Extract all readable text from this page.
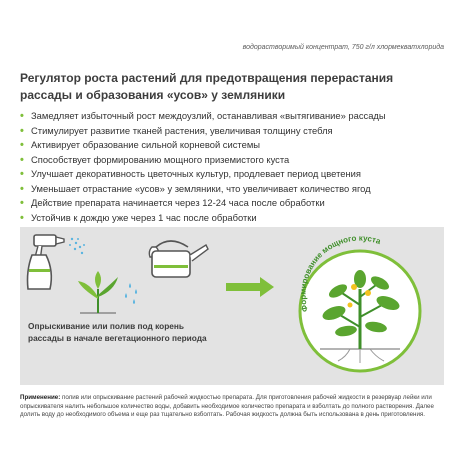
водорастворимый концентрат, 750 г/л хлормекватхлорида
Регулятор роста растений для предотвращения перерастания рассады и образования «усов» у земляники
• Замедляет избыточный рост междоузлий, останавливая «вытягивание» рассады
• Стимулирует развитие тканей растения, увеличивая толщину стебля
• Активирует образование сильной корневой системы
• Способствует формированию мощного приземистого куста
• Улучшает декоративность цветочных культур, продлевает период цветения
• Уменьшает отрастание «усов» у земляники, что увеличивает количество ягод
• Действие препарата начинается через 12-24 часа после обработки
• Устойчив к дождю уже через 1 час после обработки
Формирование мощного куста
Опрыскивание или полив под корень
рассады в начале вегетационного периода
Применение: полив или опрыскивание растений рабочей жидкостью препарата. Для приготовления рабочей жидкости в резервуар лейки или опрыскивателя налить небольшое количество воды, добавить необходимое количество препарата и взболтать до полного растворения. Далее долить воду до необходимого объема и еще раз тщательно взболтать. Рабочая жидкость должна быть использована в день приготовления.
